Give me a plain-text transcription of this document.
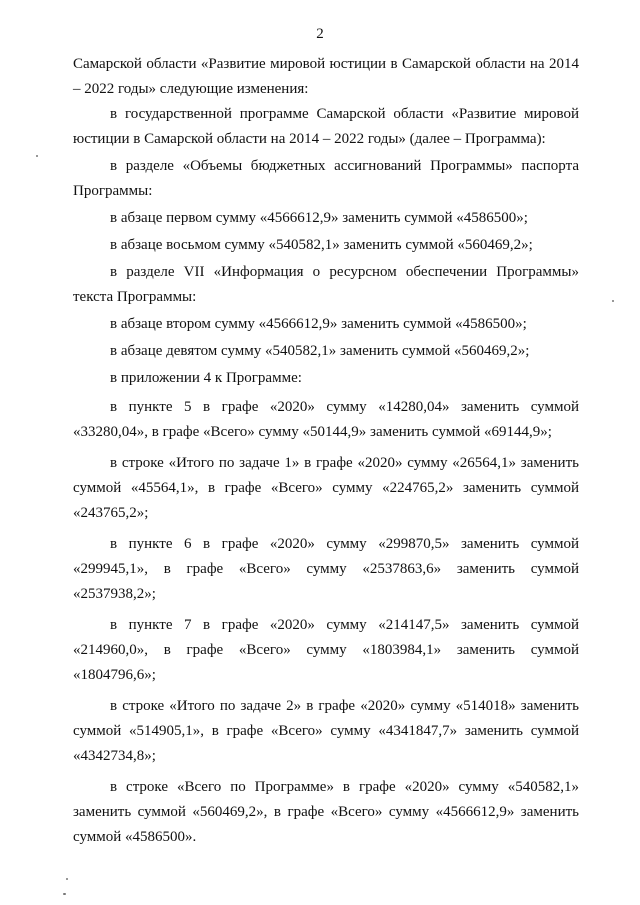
2

Самарской области «Развитие мировой юстиции в Самарской области на 2014 – 2022 годы» следующие изменения:

в государственной программе Самарской области «Развитие мировой юстиции в Самарской области на 2014 – 2022 годы» (далее – Программа):

в разделе «Объемы бюджетных ассигнований Программы» паспорта Программы:

в абзаце первом сумму «4566612,9» заменить суммой «4586500»;

в абзаце восьмом сумму «540582,1» заменить суммой «560469,2»;

в разделе VII «Информация о ресурсном обеспечении Программы» текста Программы:

в абзаце втором сумму «4566612,9» заменить суммой «4586500»;

в абзаце девятом сумму «540582,1» заменить суммой «560469,2»;

в приложении 4 к Программе:

в пункте 5 в графе «2020» сумму «14280,04» заменить суммой «33280,04», в графе «Всего» сумму «50144,9» заменить суммой «69144,9»;

в строке «Итого по задаче 1» в графе «2020» сумму «26564,1» заменить суммой «45564,1», в графе «Всего» сумму «224765,2» заменить суммой «243765,2»;

в пункте 6 в графе «2020» сумму «299870,5» заменить суммой «299945,1», в графе «Всего» сумму «2537863,6» заменить суммой «2537938,2»;

в пункте 7 в графе «2020» сумму «214147,5» заменить суммой «214960,0», в графе «Всего» сумму «1803984,1» заменить суммой «1804796,6»;

в строке «Итого по задаче 2» в графе «2020» сумму «514018» заменить суммой «514905,1», в графе «Всего» сумму «4341847,7» заменить суммой «4342734,8»;

в строке «Всего по Программе» в графе «2020» сумму «540582,1» заменить суммой «560469,2», в графе «Всего» сумму «4566612,9» заменить суммой «4586500».
